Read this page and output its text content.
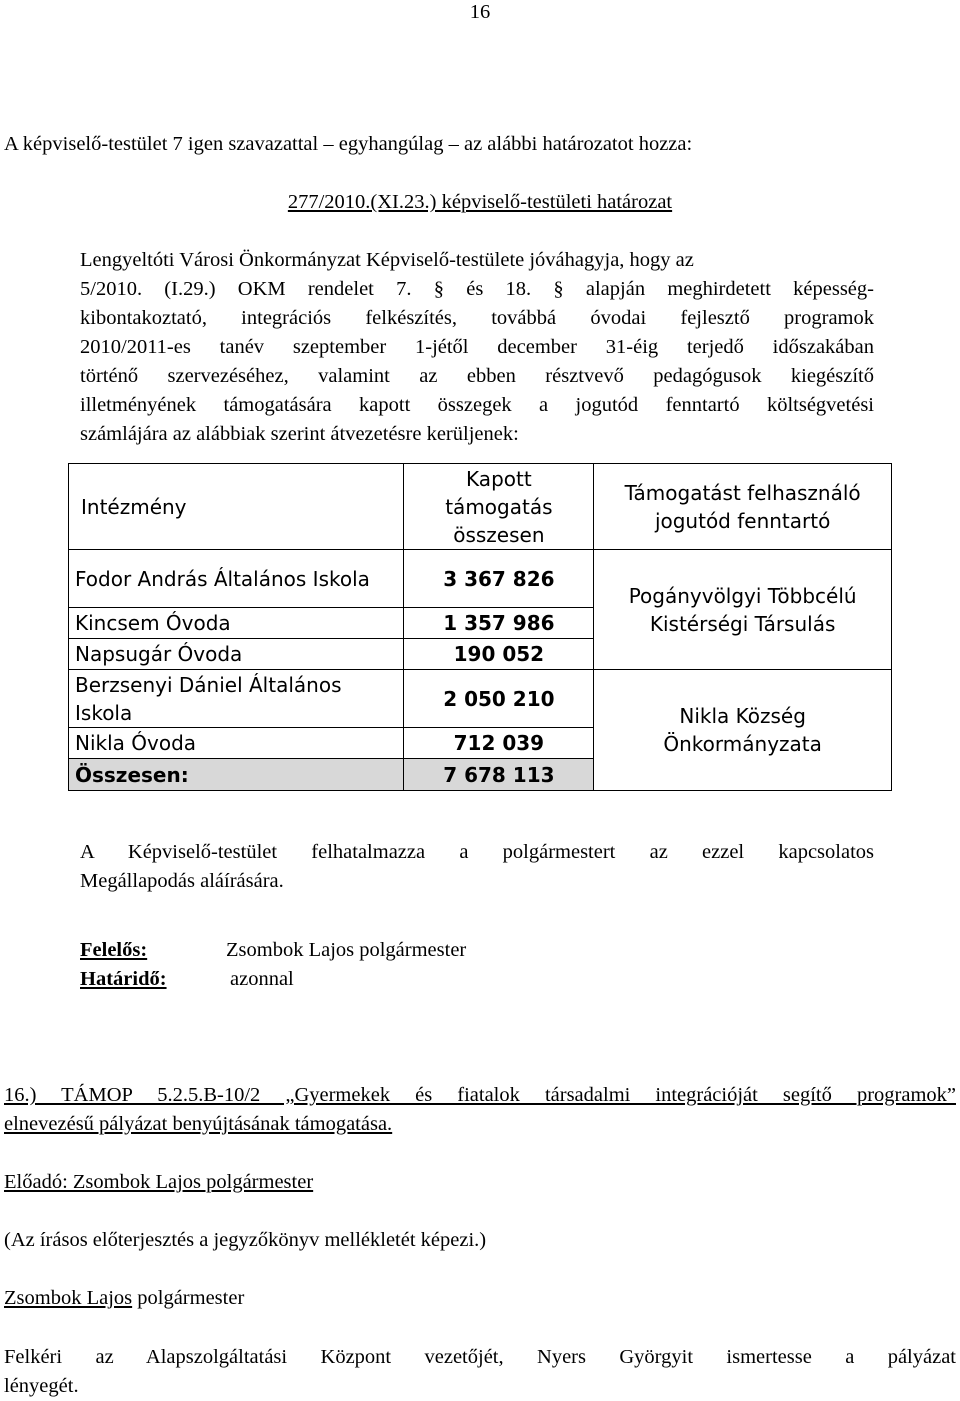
16
A képviselő-testület 7 igen szavazattal – egyhangúlag – az alábbi határozatot hozza:
277/2010.(XI.23.) képviselő-testületi határozat
Lengyeltóti Városi Önkormányzat Képviselő-testülete jóváhagyja, hogy az
5/2010. (I.29.) OKM rendelet 7. § és 18. § alapján meghirdetett képesség-
kibontakoztató, integrációs felkészítés, továbbá óvodai fejlesztő programok
2010/2011-es tanév szeptember 1-jétől december 31-éig terjedő időszakában
történő szervezéséhez, valamint az ebben résztvevő pedagógusok kiegészítő
illetményének támogatására kapott összegek a jogutód fenntartó költségvetési
számlájára az alábbiak szerint átvezetésre kerüljenek:
Intézmény	Kapott támogatás összesen	Támogatást felhasználó jogutód fenntartó
Fodor András Általános Iskola	3 367 826	Pogányvölgyi Többcélú Kistérségi Társulás
Kincsem Óvoda	1 357 986	
Napsugár Óvoda	190 052	
Berzsenyi Dániel Általános Iskola	2 050 210	Nikla Község Önkormányzata
Nikla Óvoda	712 039	
Összesen:	7 678 113	
A Képviselő-testület felhatalmazza a polgármestert az ezzel kapcsolatos
Megállapodás aláírására.
Felelős:	Zsombok Lajos polgármester
Határidő:	azonnal
16.) TÁMOP 5.2.5.B-10/2 „Gyermekek és fiatalok társadalmi integrációját segítő programok”
elnevezésű pályázat benyújtásának támogatása.
Előadó: Zsombok Lajos polgármester
(Az írásos előterjesztés a jegyzőkönyv mellékletét képezi.)
Zsombok Lajos polgármester
Felkéri az Alapszolgáltatási Központ vezetőjét, Nyers Györgyit ismertesse a pályázat
lényegét.
